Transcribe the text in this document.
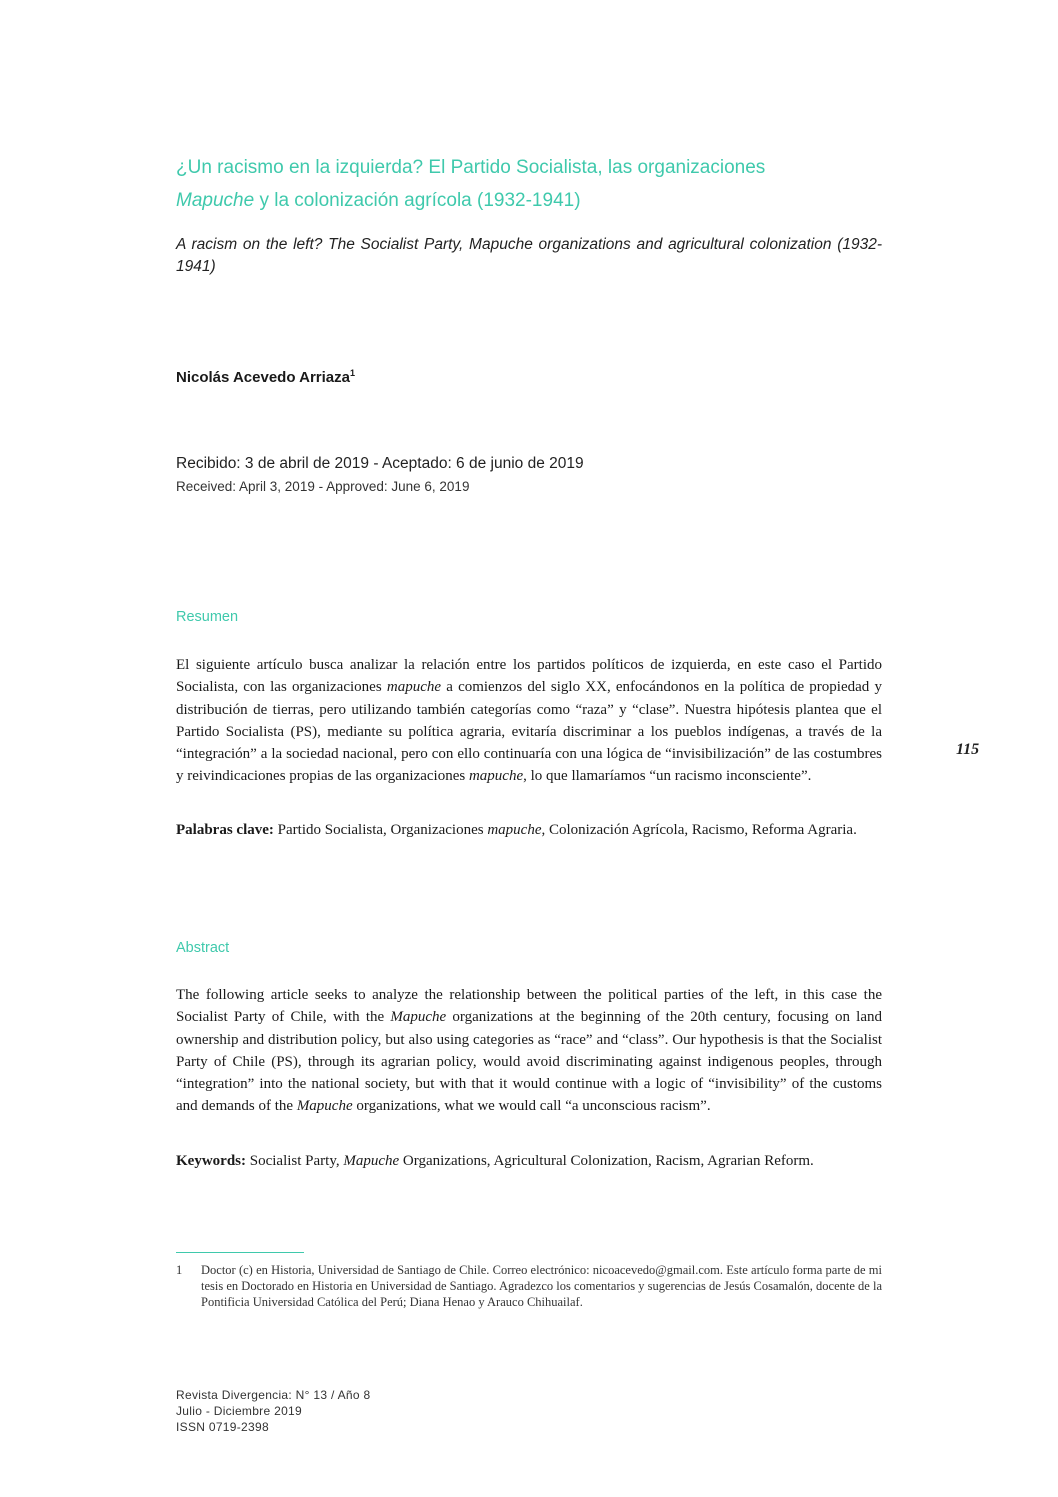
¿Un racismo en la izquierda? El Partido Socialista, las organizaciones
Mapuche y la colonización agrícola (1932-1941)
A racism on the left? The Socialist Party, Mapuche organizations and agricultural colonization (1932-1941)
Nicolás Acevedo Arriaza$^1$
Recibido: 3 de abril de 2019 - Aceptado: 6 de junio de 2019
Received: April 3, 2019 - Approved: June 6, 2019
Resumen
El siguiente artículo busca analizar la relación entre los partidos políticos de izquierda, en este caso el Partido Socialista, con las organizaciones mapuche a comienzos del siglo XX, enfocándonos en la política de propiedad y distribución de tierras, pero utilizando también categorías como “raza” y “clase”. Nuestra hipótesis plantea que el Partido Socialista (PS), mediante su política agraria, evitaría discriminar a los pueblos indígenas, a través de la “integración” a la sociedad nacional, pero con ello continuaría con una lógica de “invisibilización” de las costumbres y reivindicaciones propias de las organizaciones mapuche, lo que llamaríamos “un racismo inconsciente”.
Palabras clave: Partido Socialista, Organizaciones mapuche, Colonización Agrícola, Racismo, Reforma Agraria.
115
Abstract
The following article seeks to analyze the relationship between the political parties of the left, in this case the Socialist Party of Chile, with the Mapuche organizations at the beginning of the 20th century, focusing on land ownership and distribution policy, but also using categories as “race” and “class”. Our hypothesis is that the Socialist Party of Chile (PS), through its agrarian policy, would avoid discriminating against indigenous peoples, through “integration” into the national society, but with that it would continue with a logic of “invisibility” of the customs and demands of the Mapuche organizations, what we would call “a unconscious racism”.
Keywords: Socialist Party, Mapuche Organizations, Agricultural Colonization, Racism, Agrarian Reform.
1	Doctor (c) en Historia, Universidad de Santiago de Chile. Correo electrónico: nicoacevedo@gmail.com. Este artículo forma parte de mi tesis en Doctorado en Historia en Universidad de Santiago. Agradezco los comentarios y sugerencias de Jesús Cosamalón, docente de la Pontificia Universidad Católica del Perú; Diana Henao y Arauco Chihuailaf.
Revista Divergencia: N° 13 / Año 8
Julio - Diciembre 2019
ISSN 0719-2398
